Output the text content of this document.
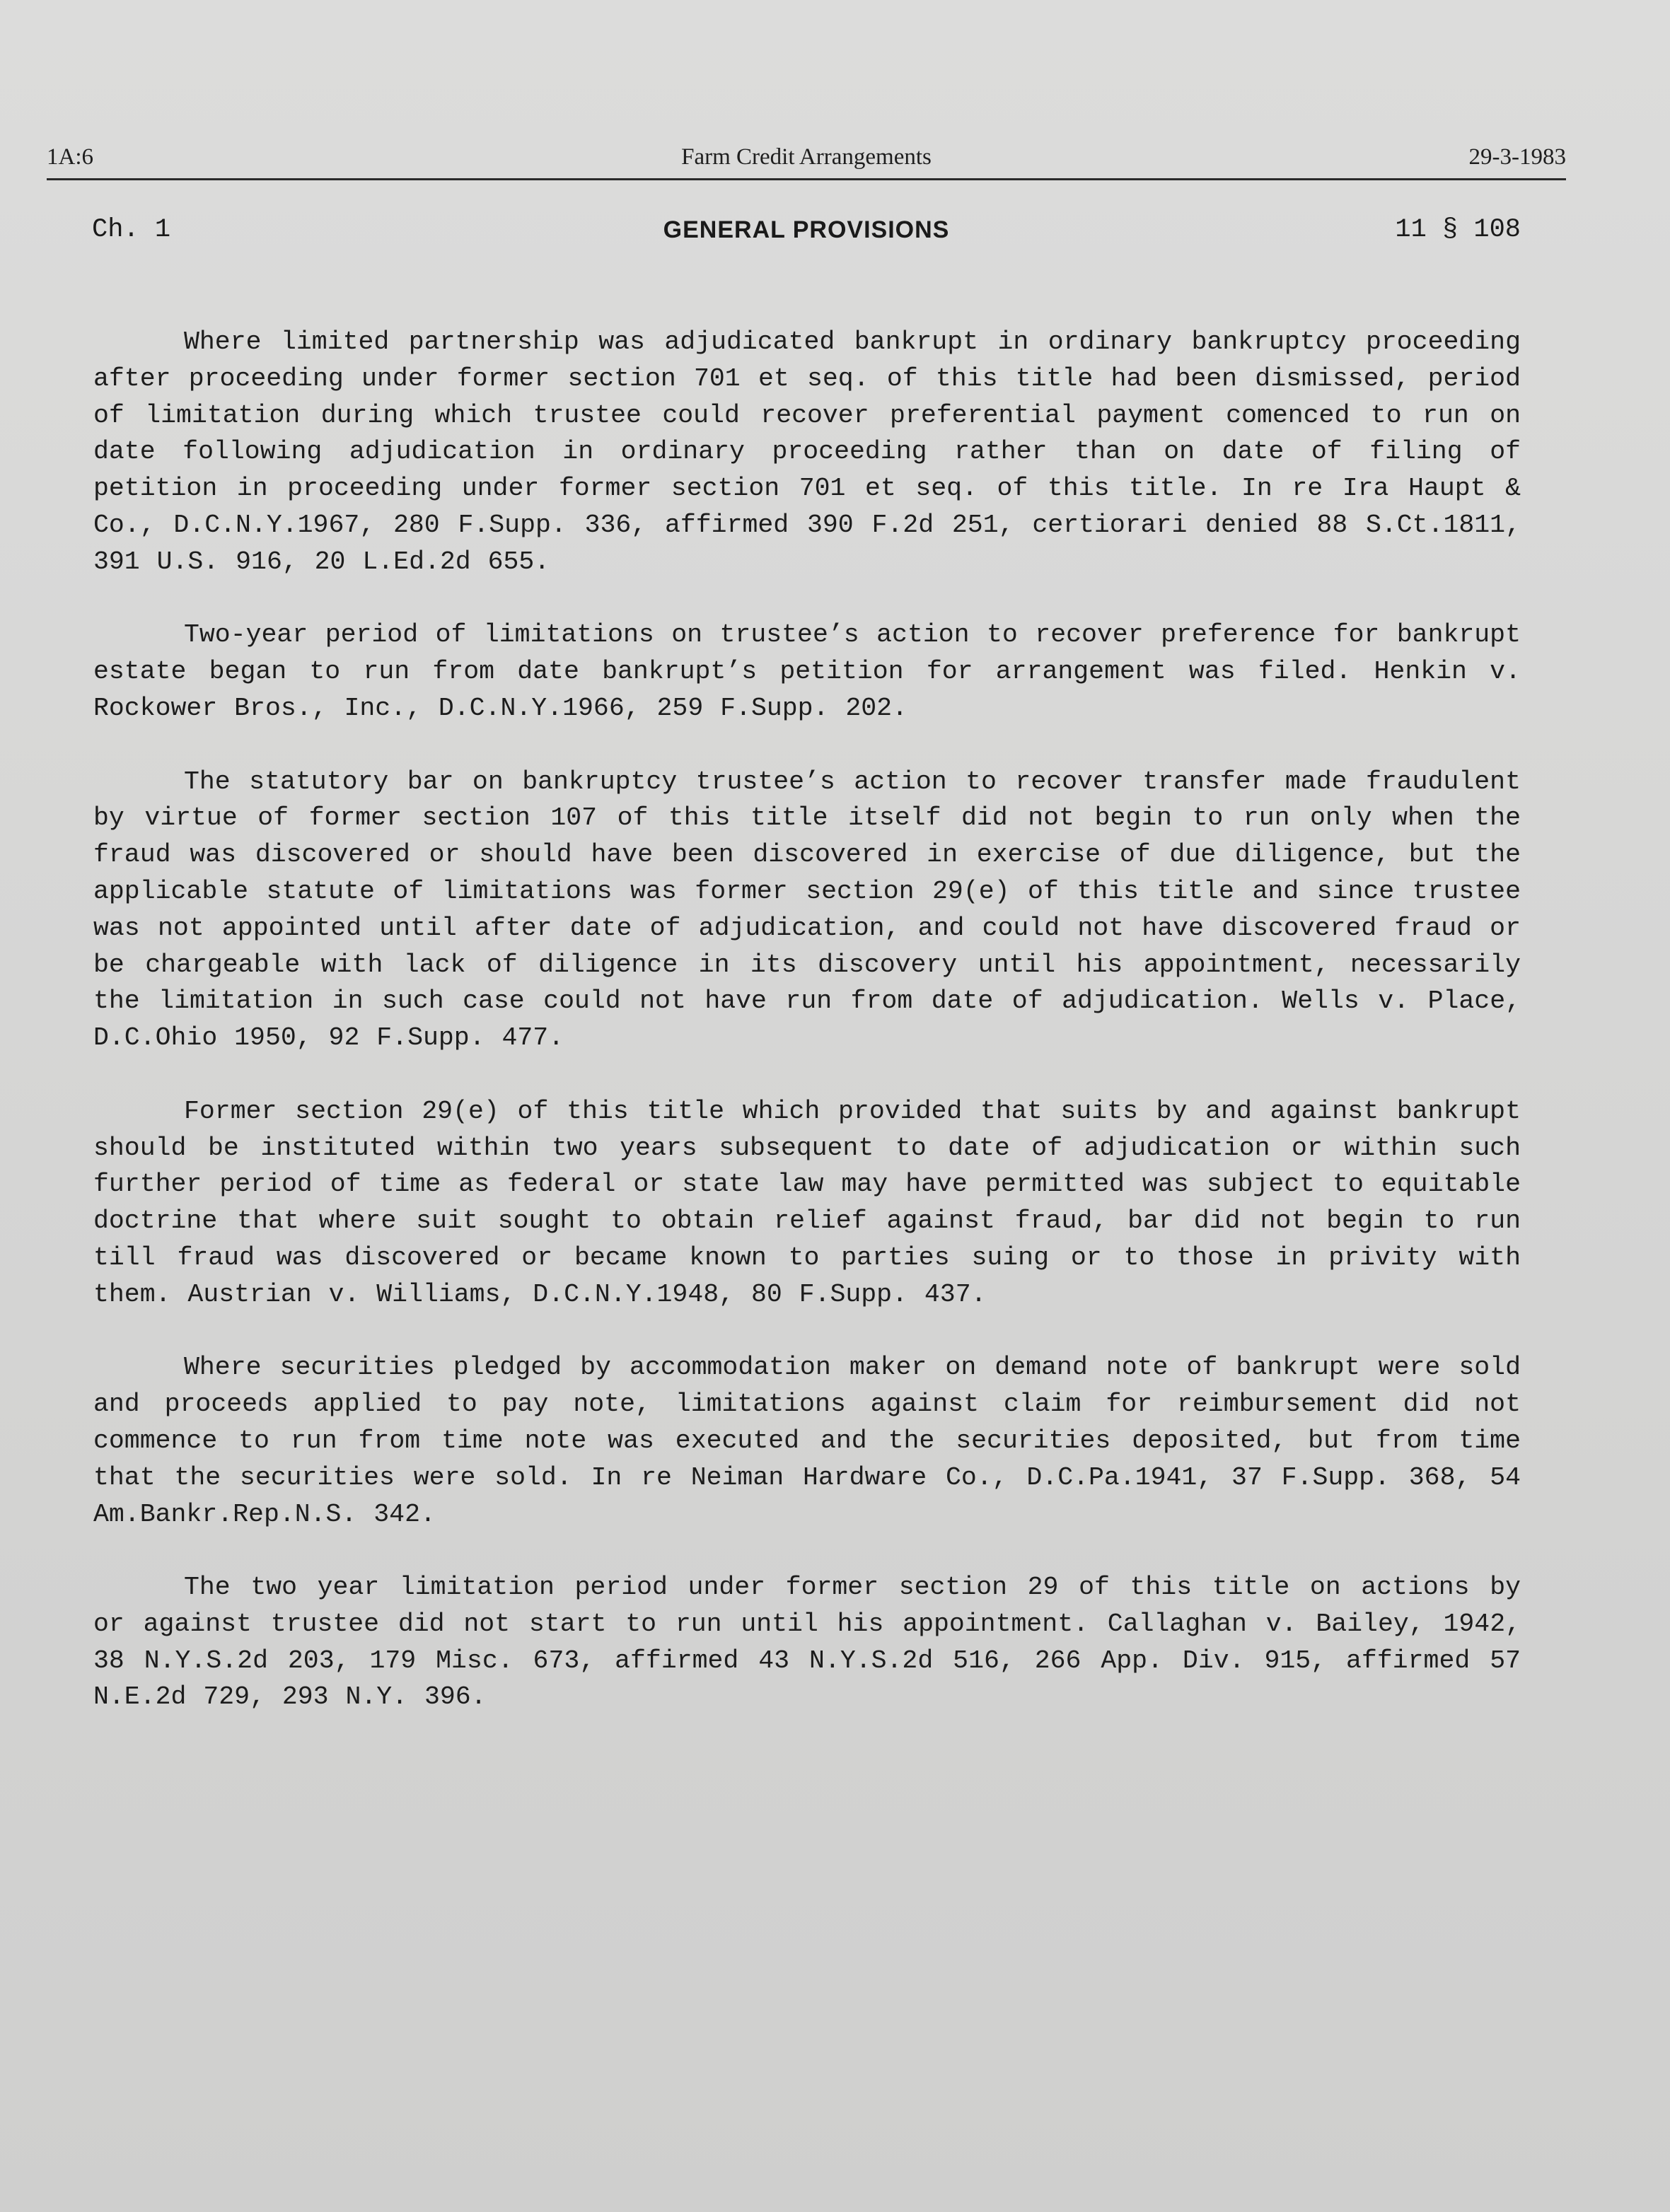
1A:6	Farm Credit Arrangements	29-3-1983
Ch. 1	GENERAL PROVISIONS	11 § 108

Where limited partnership was adjudicated bankrupt in ordinary bankruptcy proceeding after proceeding under former section 701 et seq. of this title had been dismissed, period of limitation during which trustee could recover preferential payment comenced to run on date following adjudication in ordinary proceeding rather than on date of filing of petition in proceeding under former section 701 et seq. of this title. In re Ira Haupt & Co., D.C.N.Y.1967, 280 F.Supp. 336, affirmed 390 F.2d 251, certiorari denied 88 S.Ct.1811, 391 U.S. 916, 20 L.Ed.2d 655.

Two-year period of limitations on trustee’s action to recover preference for bankrupt estate began to run from date bankrupt’s petition for arrangement was filed. Henkin v. Rockower Bros., Inc., D.C.N.Y.1966, 259 F.Supp. 202.

The statutory bar on bankruptcy trustee’s action to recover transfer made fraudulent by virtue of former section 107 of this title itself did not begin to run only when the fraud was discovered or should have been discovered in exercise of due diligence, but the applicable statute of limitations was former section 29(e) of this title and since trustee was not appointed until after date of adjudication, and could not have discovered fraud or be chargeable with lack of diligence in its discovery until his appointment, necessarily the limitation in such case could not have run from date of adjudication. Wells v. Place, D.C.Ohio 1950, 92 F.Supp. 477.

Former section 29(e) of this title which provided that suits by and against bankrupt should be instituted within two years subsequent to date of adjudication or within such further period of time as federal or state law may have permitted was subject to equitable doctrine that where suit sought to obtain relief against fraud, bar did not begin to run till fraud was discovered or became known to parties suing or to those in privity with them. Austrian v. Williams, D.C.N.Y.1948, 80 F.Supp. 437.

Where securities pledged by accommodation maker on demand note of bankrupt were sold and proceeds applied to pay note, limitations against claim for reimbursement did not commence to run from time note was executed and the securities deposited, but from time that the securities were sold. In re Neiman Hardware Co., D.C.Pa.1941, 37 F.Supp. 368, 54 Am.Bankr.Rep.N.S. 342.

The two year limitation period under former section 29 of this title on actions by or against trustee did not start to run until his appointment. Callaghan v. Bailey, 1942, 38 N.Y.S.2d 203, 179 Misc. 673, affirmed 43 N.Y.S.2d 516, 266 App. Div. 915, affirmed 57 N.E.2d 729, 293 N.Y. 396.
